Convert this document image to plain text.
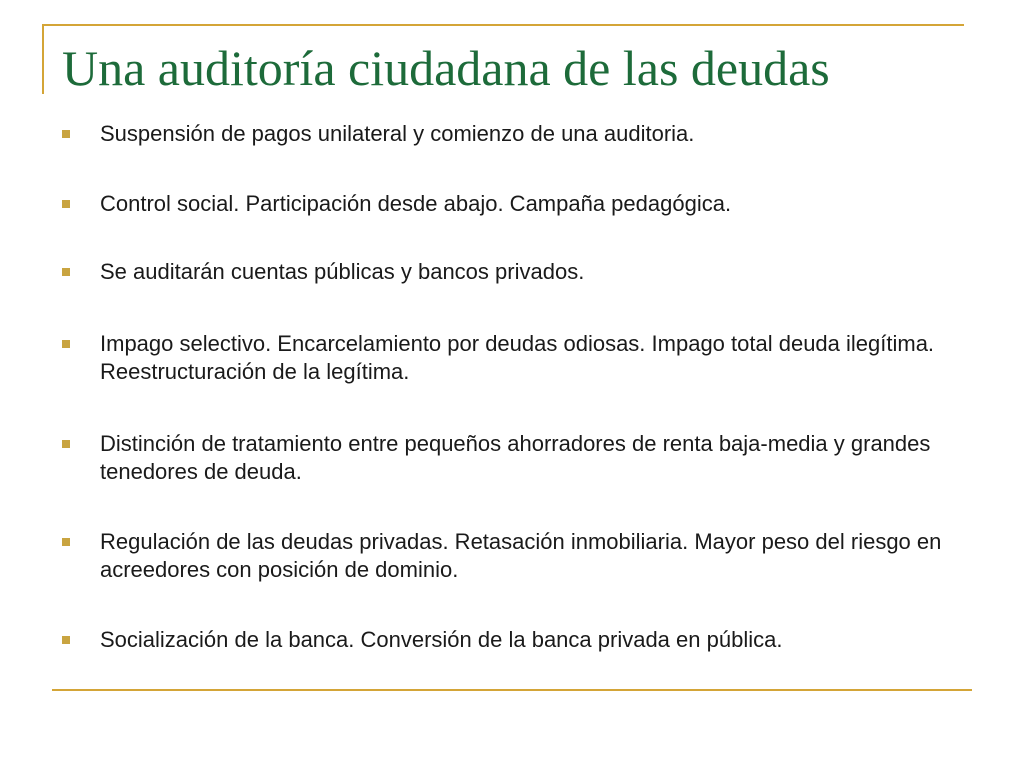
Una auditoría ciudadana de las deudas
Suspensión de pagos unilateral y comienzo de una auditoria.
Control social. Participación desde abajo. Campaña pedagógica.
Se auditarán cuentas públicas y bancos privados.
Impago selectivo. Encarcelamiento por deudas odiosas. Impago total deuda ilegítima. Reestructuración de la legítima.
Distinción de tratamiento entre pequeños ahorradores de renta baja-media y grandes tenedores de deuda.
Regulación de las deudas privadas. Retasación inmobiliaria. Mayor peso del riesgo en acreedores con posición de dominio.
Socialización de la banca. Conversión de la banca privada en pública.
